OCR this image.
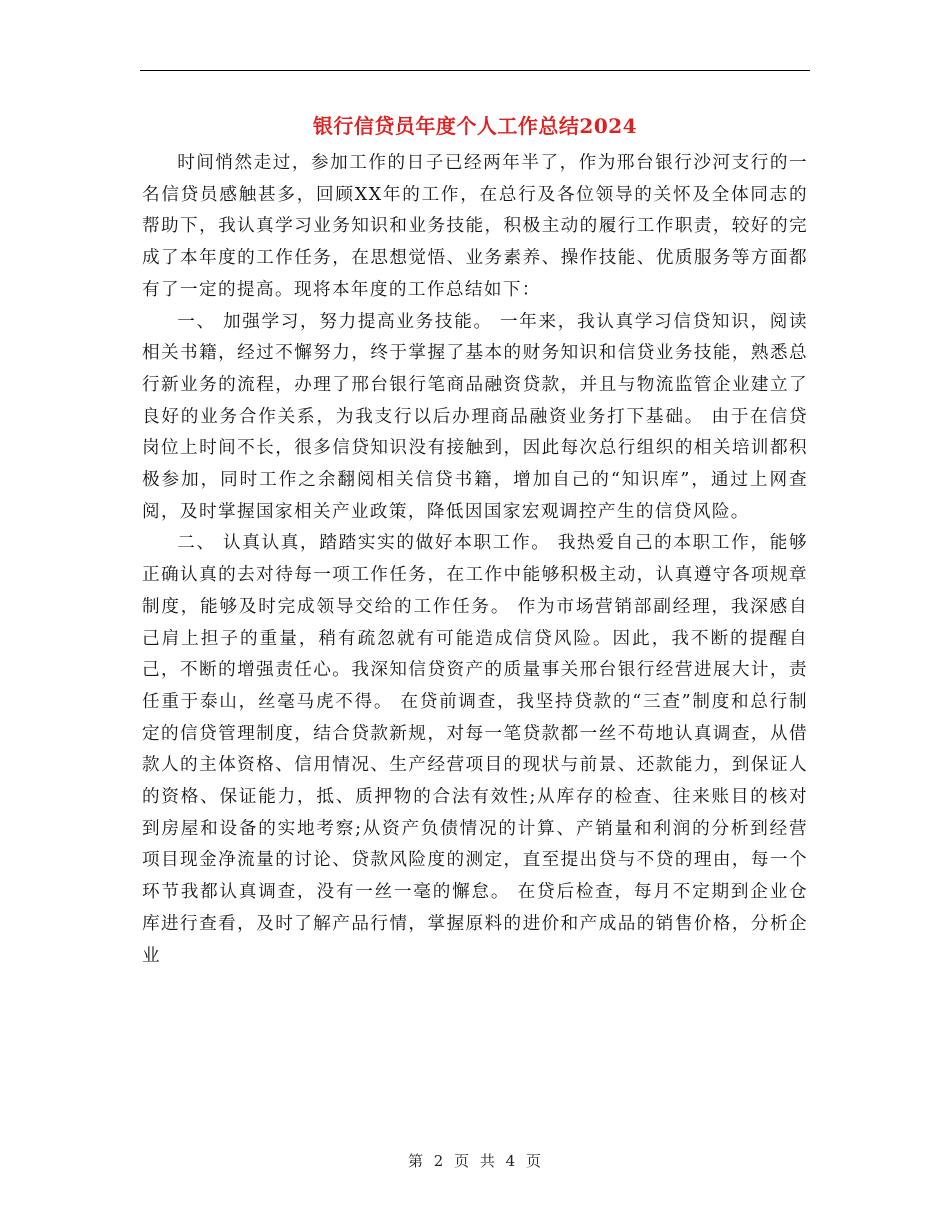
银行信贷员年度个人工作总结2024

时间悄然走过，参加工作的日子已经两年半了，作为邢台银行沙河支行的一名信贷员感触甚多，回顾XX年的工作，在总行及各位领导的关怀及全体同志的帮助下，我认真学习业务知识和业务技能，积极主动的履行工作职责，较好的完成了本年度的工作任务，在思想觉悟、业务素养、操作技能、优质服务等方面都有了一定的提高。现将本年度的工作总结如下：

一、 加强学习，努力提高业务技能。 一年来，我认真学习信贷知识，阅读相关书籍，经过不懈努力，终于掌握了基本的财务知识和信贷业务技能，熟悉总行新业务的流程，办理了邢台银行笔商品融资贷款，并且与物流监管企业建立了良好的业务合作关系，为我支行以后办理商品融资业务打下基础。 由于在信贷岗位上时间不长，很多信贷知识没有接触到，因此每次总行组织的相关培训都积极参加，同时工作之余翻阅相关信贷书籍，增加自己的“知识库”，通过上网查阅，及时掌握国家相关产业政策，降低因国家宏观调控产生的信贷风险。

二、 认真认真，踏踏实实的做好本职工作。 我热爱自己的本职工作，能够正确认真的去对待每一项工作任务，在工作中能够积极主动，认真遵守各项规章制度，能够及时完成领导交给的工作任务。 作为市场营销部副经理，我深感自己肩上担子的重量，稍有疏忽就有可能造成信贷风险。因此，我不断的提醒自己，不断的增强责任心。我深知信贷资产的质量事关邢台银行经营进展大计，责任重于泰山，丝毫马虎不得。 在贷前调查，我坚持贷款的“三查”制度和总行制定的信贷管理制度，结合贷款新规，对每一笔贷款都一丝不苟地认真调查，从借款人的主体资格、信用情况、生产经营项目的现状与前景、还款能力，到保证人的资格、保证能力，抵、质押物的合法有效性;从库存的检查、往来账目的核对到房屋和设备的实地考察;从资产负债情况的计算、产销量和利润的分析到经营项目现金净流量的讨论、贷款风险度的测定，直至提出贷与不贷的理由，每一个环节我都认真调查，没有一丝一毫的懈怠。 在贷后检查，每月不定期到企业仓库进行查看，及时了解产品行情，掌握原料的进价和产成品的销售价格，分析企业

第 2 页 共 4 页
